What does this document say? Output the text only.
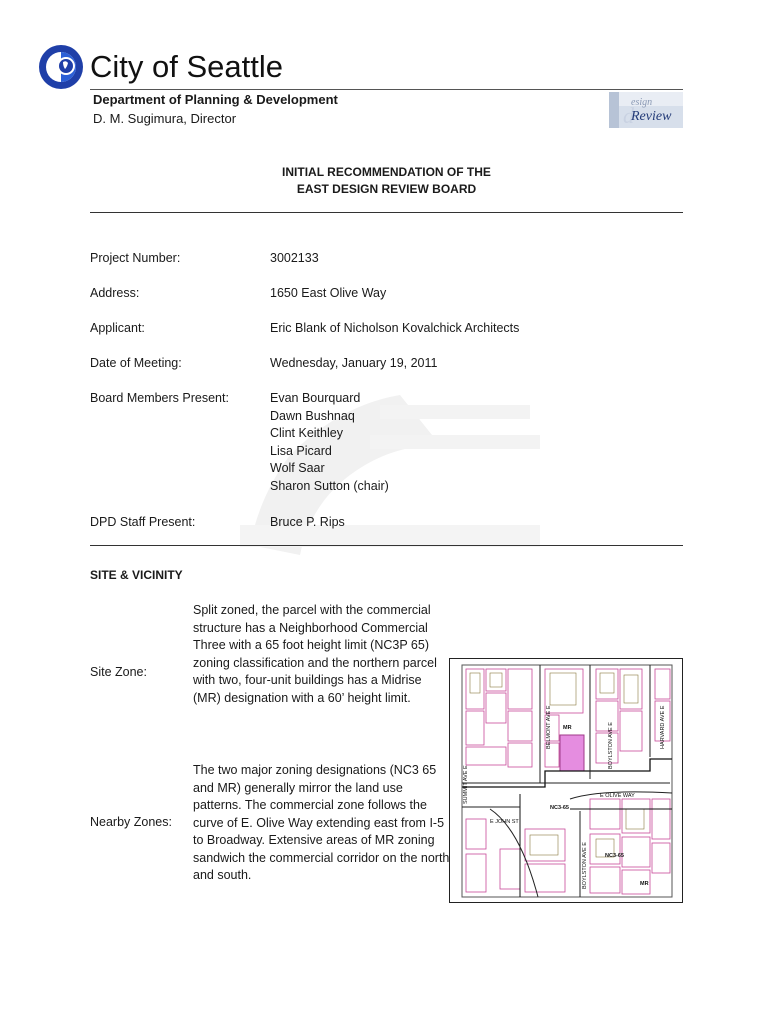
City of Seattle
Department of Planning & Development
D. M. Sugimura, Director
esign
d
Review
INITIAL RECOMMENDATION OF THE
EAST DESIGN REVIEW BOARD
Project Number:	3002133
Address:	1650 East Olive Way
Applicant:	Eric Blank of Nicholson Kovalchick Architects
Date of Meeting:	Wednesday, January 19, 2011
Board Members Present:	Evan Bourquard
Dawn Bushnaq
Clint Keithley
Lisa Picard
Wolf Saar
Sharon Sutton (chair)
DPD Staff Present:	Bruce P. Rips
SITE & VICINITY
Site Zone:
Split zoned, the parcel with the commercial structure has a Neighborhood Commercial Three with a 65 foot height limit (NC3P 65) zoning classification and the northern parcel with two, four-unit buildings has a Midrise (MR) designation with a 60’ height limit.
Nearby Zones:
The two major zoning designations (NC3 65 and MR) generally mirror the land use patterns. The commercial zone follows the curve of E. Olive Way extending east from I-5 to Broadway. Extensive areas of MR zoning sandwich the commercial corridor on the north and south.
SUMMIT AVE E
BELMONT AVE E	BOYLSTON AVE E	HARVARD AVE E
E OLIVE WAY
E JOHN ST
BOYLSTON AVE E
MR
NC3-65
NC3-65
MR
